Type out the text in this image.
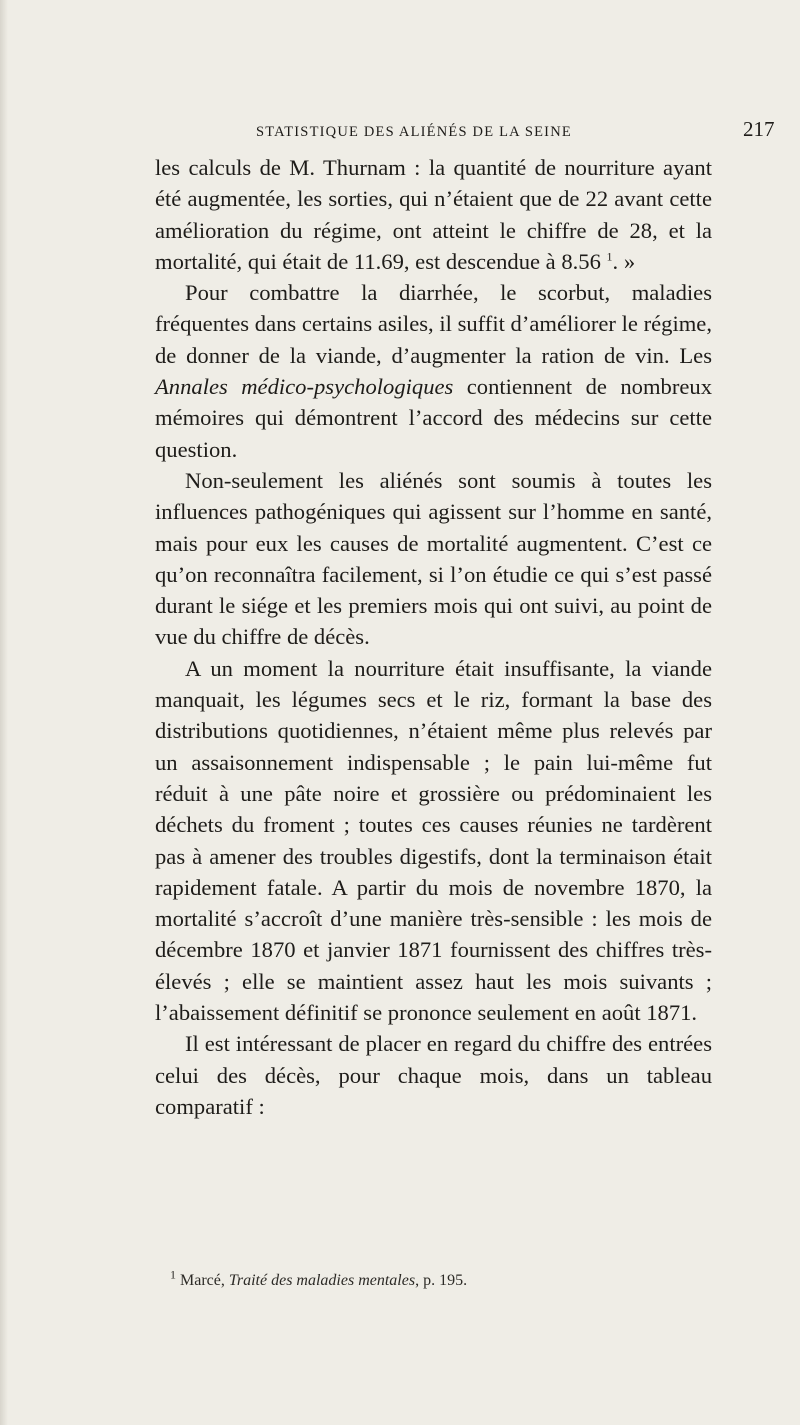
STATISTIQUE DES ALIÉNÉS DE LA SEINE	217

les calculs de M. Thurnam : la quantité de nourriture ayant été augmentée, les sorties, qui n’étaient que de 22 avant cette amélioration du régime, ont atteint le chiffre de 28, et la mortalité, qui était de 11.69, est descendue à 8.56 $^1$. »

Pour combattre la diarrhée, le scorbut, maladies fréquentes dans certains asiles, il suffit d’améliorer le régime, de donner de la viande, d’augmenter la ration de vin. Les Annales médico-psychologiques contiennent de nombreux mémoires qui démontrent l’accord des médecins sur cette question.

Non-seulement les aliénés sont soumis à toutes les influences pathogéniques qui agissent sur l’homme en santé, mais pour eux les causes de mortalité augmentent. C’est ce qu’on reconnaîtra facilement, si l’on étudie ce qui s’est passé durant le siége et les premiers mois qui ont suivi, au point de vue du chiffre de décès.

A un moment la nourriture était insuffisante, la viande manquait, les légumes secs et le riz, formant la base des distributions quotidiennes, n’étaient même plus relevés par un assaisonnement indispensable ; le pain lui-même fut réduit à une pâte noire et grossière ou prédominaient les déchets du froment ; toutes ces causes réunies ne tardèrent pas à amener des troubles digestifs, dont la terminaison était rapidement fatale. A partir du mois de novembre 1870, la mortalité s’accroît d’une manière très-sensible : les mois de décembre 1870 et janvier 1871 fournissent des chiffres très-élevés ; elle se maintient assez haut les mois suivants ; l’abaissement définitif se prononce seulement en août 1871.

Il est intéressant de placer en regard du chiffre des entrées celui des décès, pour chaque mois, dans un tableau comparatif :

$^1$ Marcé, Traité des maladies mentales, p. 195.
